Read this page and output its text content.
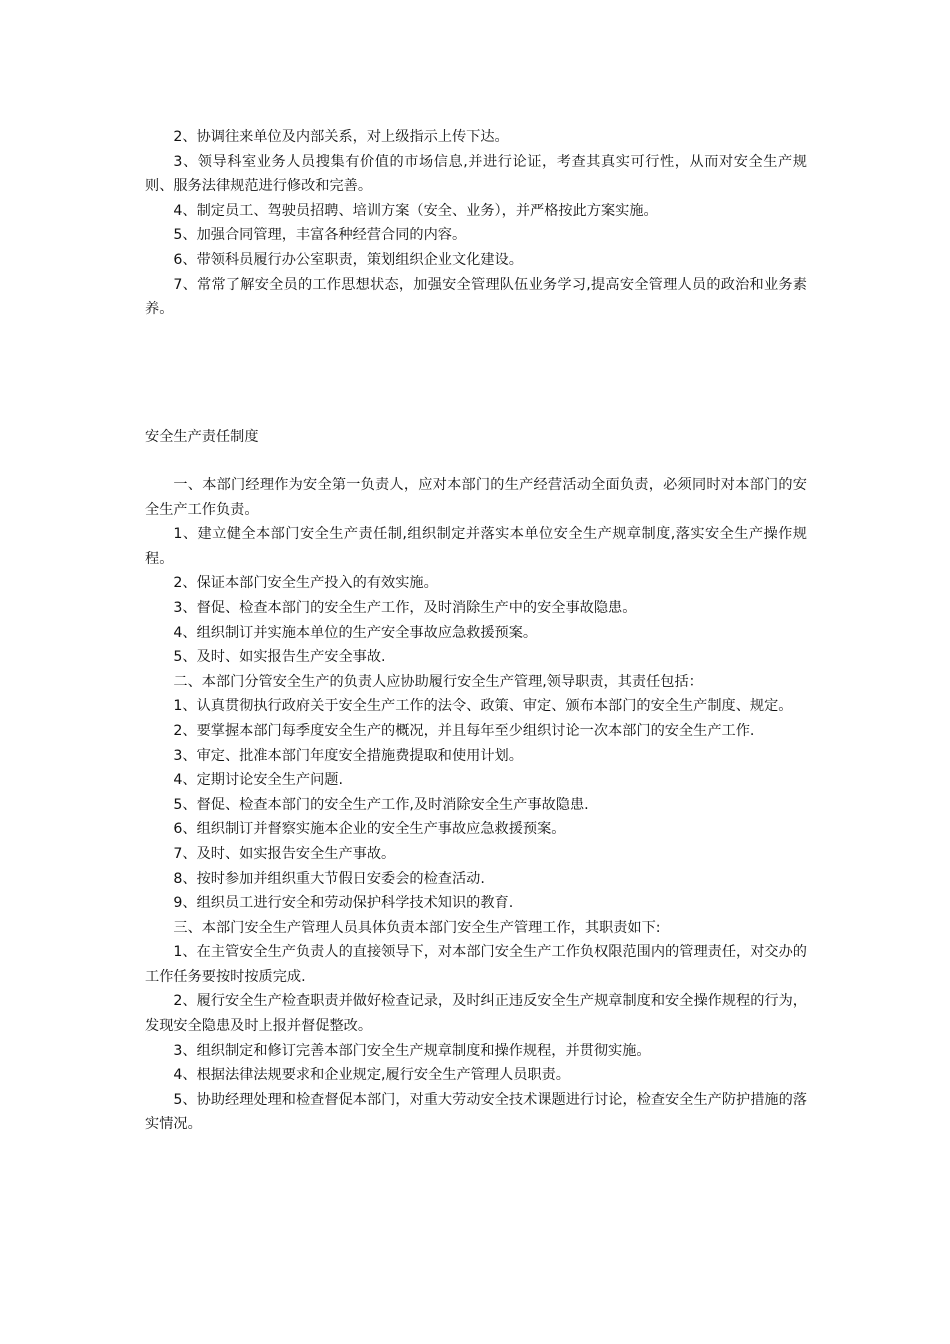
2、协调往来单位及内部关系，对上级指示上传下达。

3、领导科室业务人员搜集有价值的市场信息,并进行论证，考查其真实可行性，从而对安全生产规则、服务法律规范进行修改和完善。

4、制定员工、驾驶员招聘、培训方案（安全、业务），并严格按此方案实施。

5、加强合同管理，丰富各种经营合同的内容。

6、带领科员履行办公室职责，策划组织企业文化建设。

7、常常了解安全员的工作思想状态，加强安全管理队伍业务学习,提高安全管理人员的政治和业务素养。

安全生产责任制度

一、本部门经理作为安全第一负责人，应对本部门的生产经营活动全面负责，必须同时对本部门的安全生产工作负责。

1、建立健全本部门安全生产责任制,组织制定并落实本单位安全生产规章制度,落实安全生产操作规程。

2、保证本部门安全生产投入的有效实施。

3、督促、检查本部门的安全生产工作，及时消除生产中的安全事故隐患。

4、组织制订并实施本单位的生产安全事故应急救援预案。

5、及时、如实报告生产安全事故.

二、本部门分管安全生产的负责人应协助履行安全生产管理,领导职责，其责任包括：

1、认真贯彻执行政府关于安全生产工作的法令、政策、审定、颁布本部门的安全生产制度、规定。

2、要掌握本部门每季度安全生产的概况，并且每年至少组织讨论一次本部门的安全生产工作.

3、审定、批准本部门年度安全措施费提取和使用计划。

4、定期讨论安全生产问题.

5、督促、检查本部门的安全生产工作,及时消除安全生产事故隐患.

6、组织制订并督察实施本企业的安全生产事故应急救援预案。

7、及时、如实报告安全生产事故。

8、按时参加并组织重大节假日安委会的检查活动.

9、组织员工进行安全和劳动保护科学技术知识的教育.

三、本部门安全生产管理人员具体负责本部门安全生产管理工作，其职责如下:

1、在主管安全生产负责人的直接领导下，对本部门安全生产工作负权限范围内的管理责任，对交办的工作任务要按时按质完成.

2、履行安全生产检查职责并做好检查记录，及时纠正违反安全生产规章制度和安全操作规程的行为，发现安全隐患及时上报并督促整改。

3、组织制定和修订完善本部门安全生产规章制度和操作规程，并贯彻实施。

4、根据法律法规要求和企业规定,履行安全生产管理人员职责。

5、协助经理处理和检查督促本部门，对重大劳动安全技术课题进行讨论，检查安全生产防护措施的落实情况。
